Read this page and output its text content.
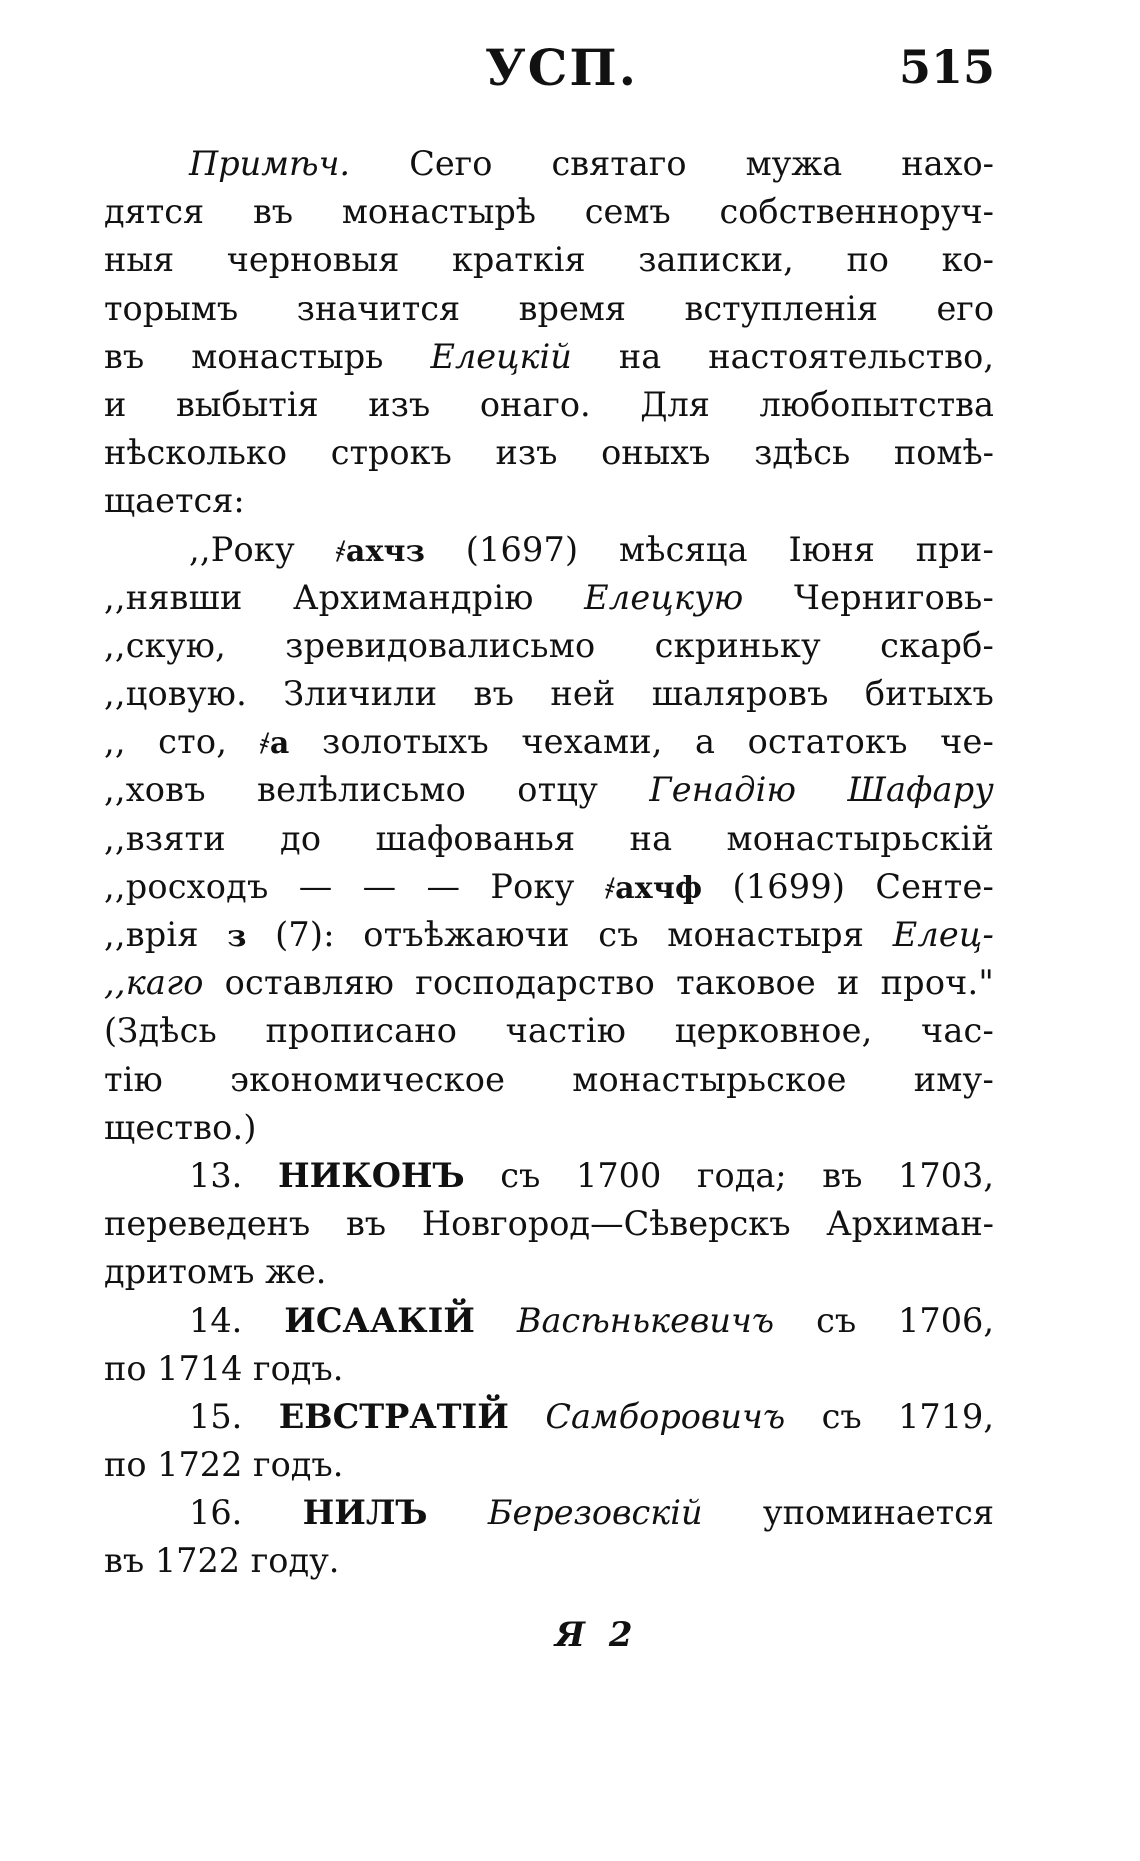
УСП.	515
Примѣч. Сего святаго мужа нахо-
дятся въ монастырѣ семъ собственноруч-
ныя черновыя краткія записки, по ко-
торымъ значится время вступленія его
въ монастырь Елецкій на настоятельство,
и выбытія изъ онаго. Для любопытства
нѣсколько строкъ изъ оныхъ здѣсь помѣ-
щается:
,,Року ҂ахчз (1697) мѣсяца Іюня при-
,,нявши Архимандрію Елецкую Черниговь-
,,скую, зревидовалисьмо скриньку скарб-
,,цовую. Зличили въ ней шаляровъ битыхъ
,, сто, ҂а золотыхъ чехами, а остатокъ че-
,,ховъ велѣлисьмо отцу Генадію Шафару
,,взяти до шафованья на монастырьскій
,,росходъ — — — Року ҂ахчф (1699) Сенте-
,,врія з (7): отъѣжаючи съ монастыря Елец-
,,каго оставляю господарство таковое и проч."
(Здѣсь прописано частію церковное, час-
тію экономическое монастырьское иму-
щество.)
13. НИКОНЪ съ 1700 года; въ 1703,
переведенъ въ Новгород—Сѣверскъ Архиман-
дритомъ же.
14. ИСААКІЙ Васѣнькевичъ съ 1706,
по 1714 годъ.
15. ЕВСТРАТІЙ Самборовичъ съ 1719,
по 1722 годъ.
16. НИЛЪ Березовскій упоминается
въ 1722 году.
Я 2
